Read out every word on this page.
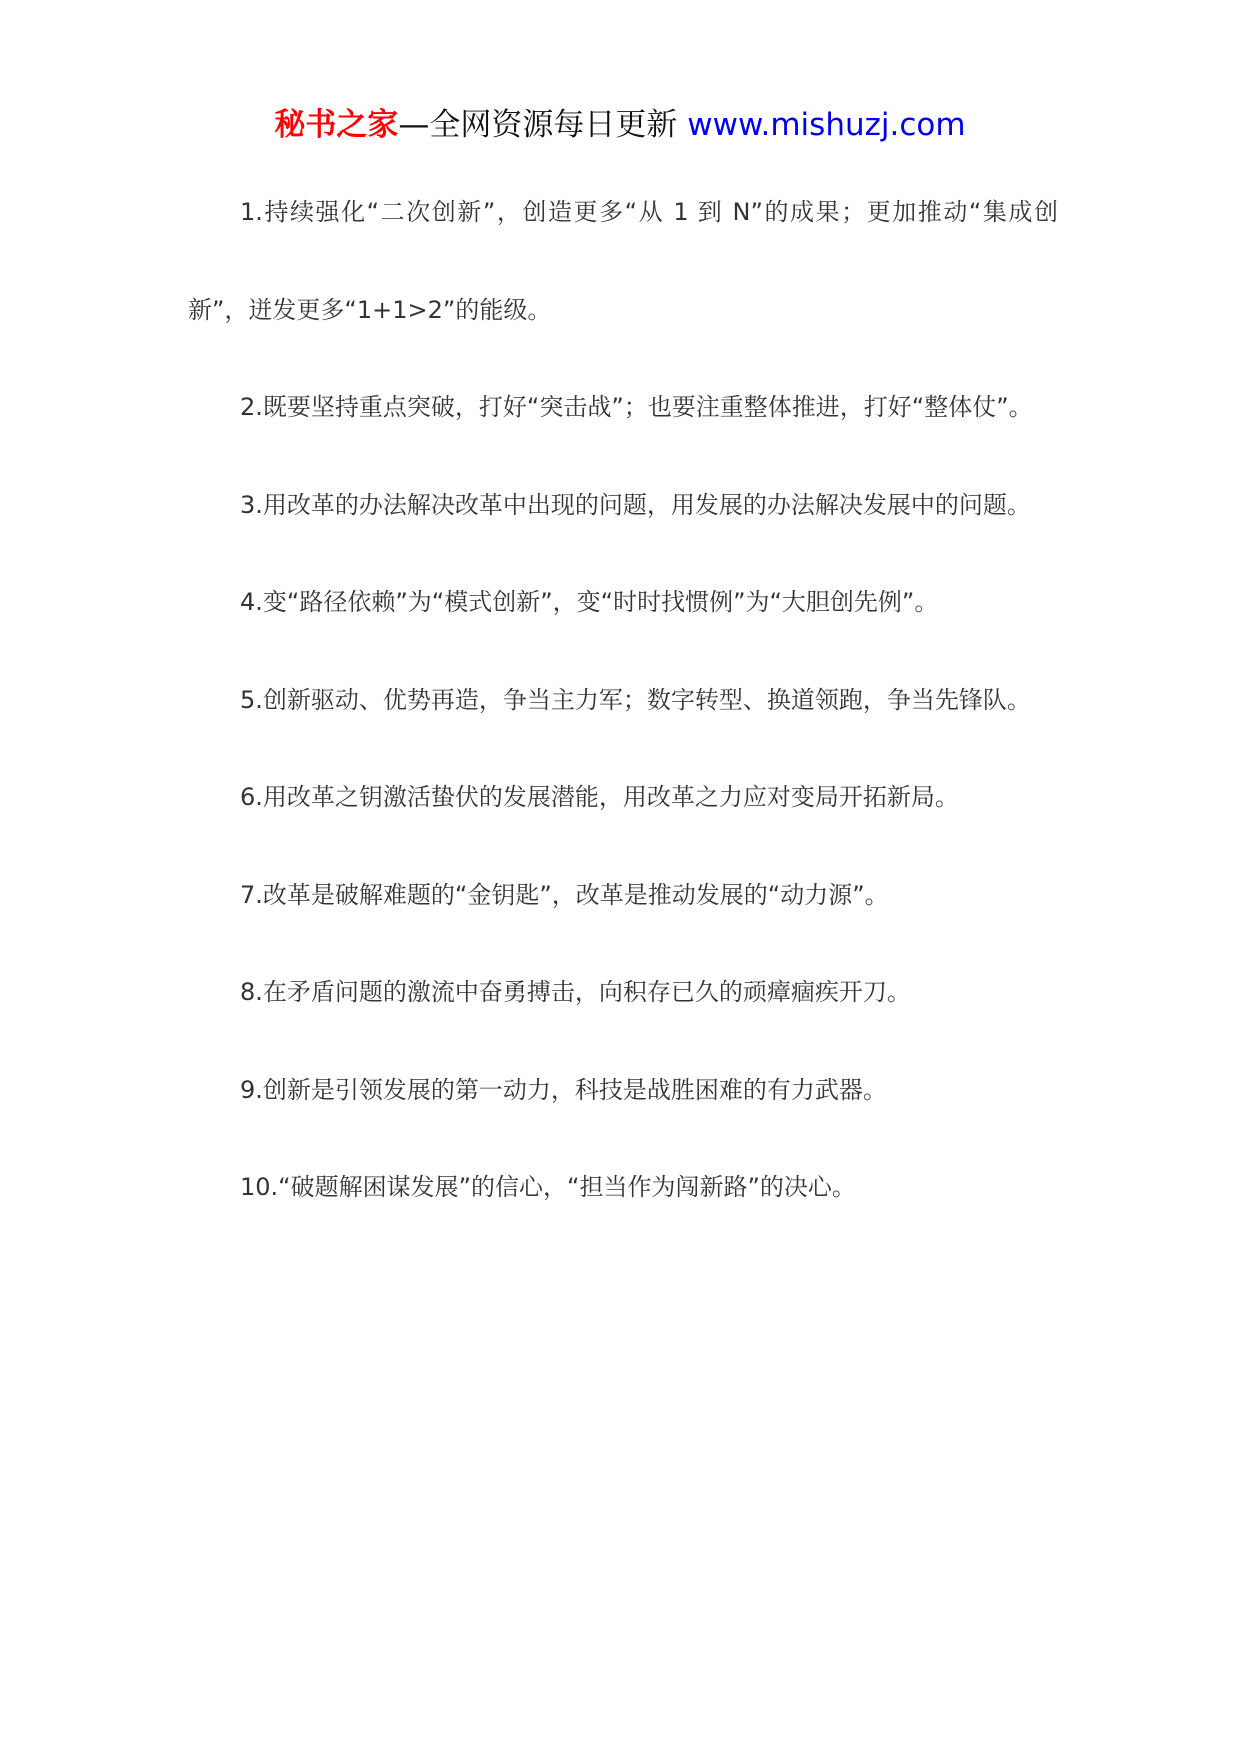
秘书之家—全网资源每日更新 www.mishuzj.com

1.持续强化“二次创新”，创造更多“从 1 到 N”的成果；更加推动“集成创新”，迸发更多“1+1>2”的能级。

2.既要坚持重点突破，打好“突击战”；也要注重整体推进，打好“整体仗”。

3.用改革的办法解决改革中出现的问题，用发展的办法解决发展中的问题。

4.变“路径依赖”为“模式创新”，变“时时找惯例”为“大胆创先例”。

5.创新驱动、优势再造，争当主力军；数字转型、换道领跑，争当先锋队。

6.用改革之钥激活蛰伏的发展潜能，用改革之力应对变局开拓新局。

7.改革是破解难题的“金钥匙”，改革是推动发展的“动力源”。

8.在矛盾问题的激流中奋勇搏击，向积存已久的顽瘴痼疾开刀。

9.创新是引领发展的第一动力，科技是战胜困难的有力武器。

10.“破题解困谋发展”的信心，“担当作为闯新路”的决心。
